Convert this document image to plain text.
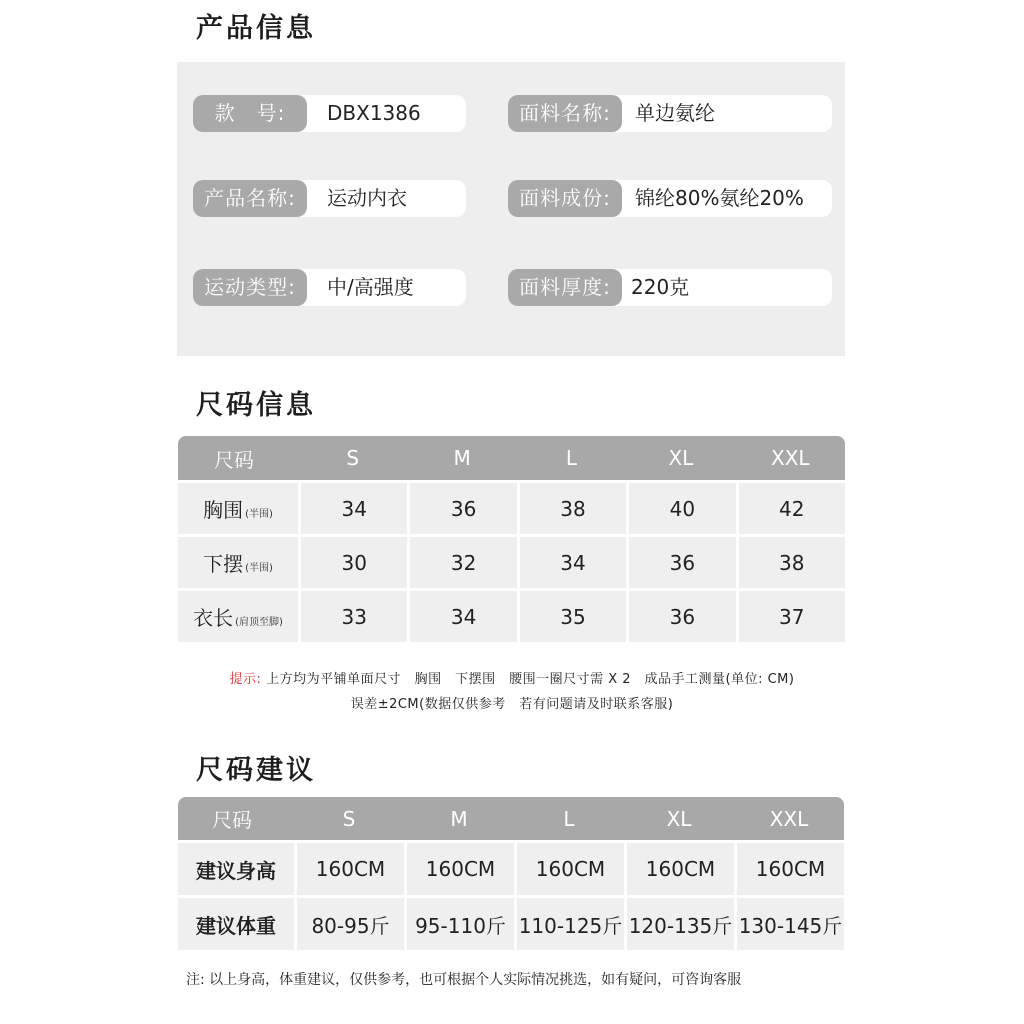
产品信息
款　号:	DBX1386
产品名称:	运动内衣
运动类型:	中/高强度
面料名称:	单边氨纶
面料成份:	锦纶80%氨纶20%
面料厚度:	220克
尺码信息
尺码	S	M	L	XL	XXL
胸围 (半围)	34	36	38	40	42
下摆 (半围)	30	32	34	36	38
衣长 (肩顶至脚)	33	34	35	36	37
提示: 上方均为平铺单面尺寸　胸围　下摆围　腰围一圈尺寸需 X 2　成品手工测量(单位: CM)
误差±2CM(数据仅供参考　若有问题请及时联系客服)
尺码建议
尺码	S	M	L	XL	XXL
建议身高	160CM	160CM	160CM	160CM	160CM
建议体重	80-95斤	95-110斤	110-125斤	120-135斤	130-145斤
注: 以上身高，体重建议，仅供参考，也可根据个人实际情况挑选，如有疑问，可咨询客服
